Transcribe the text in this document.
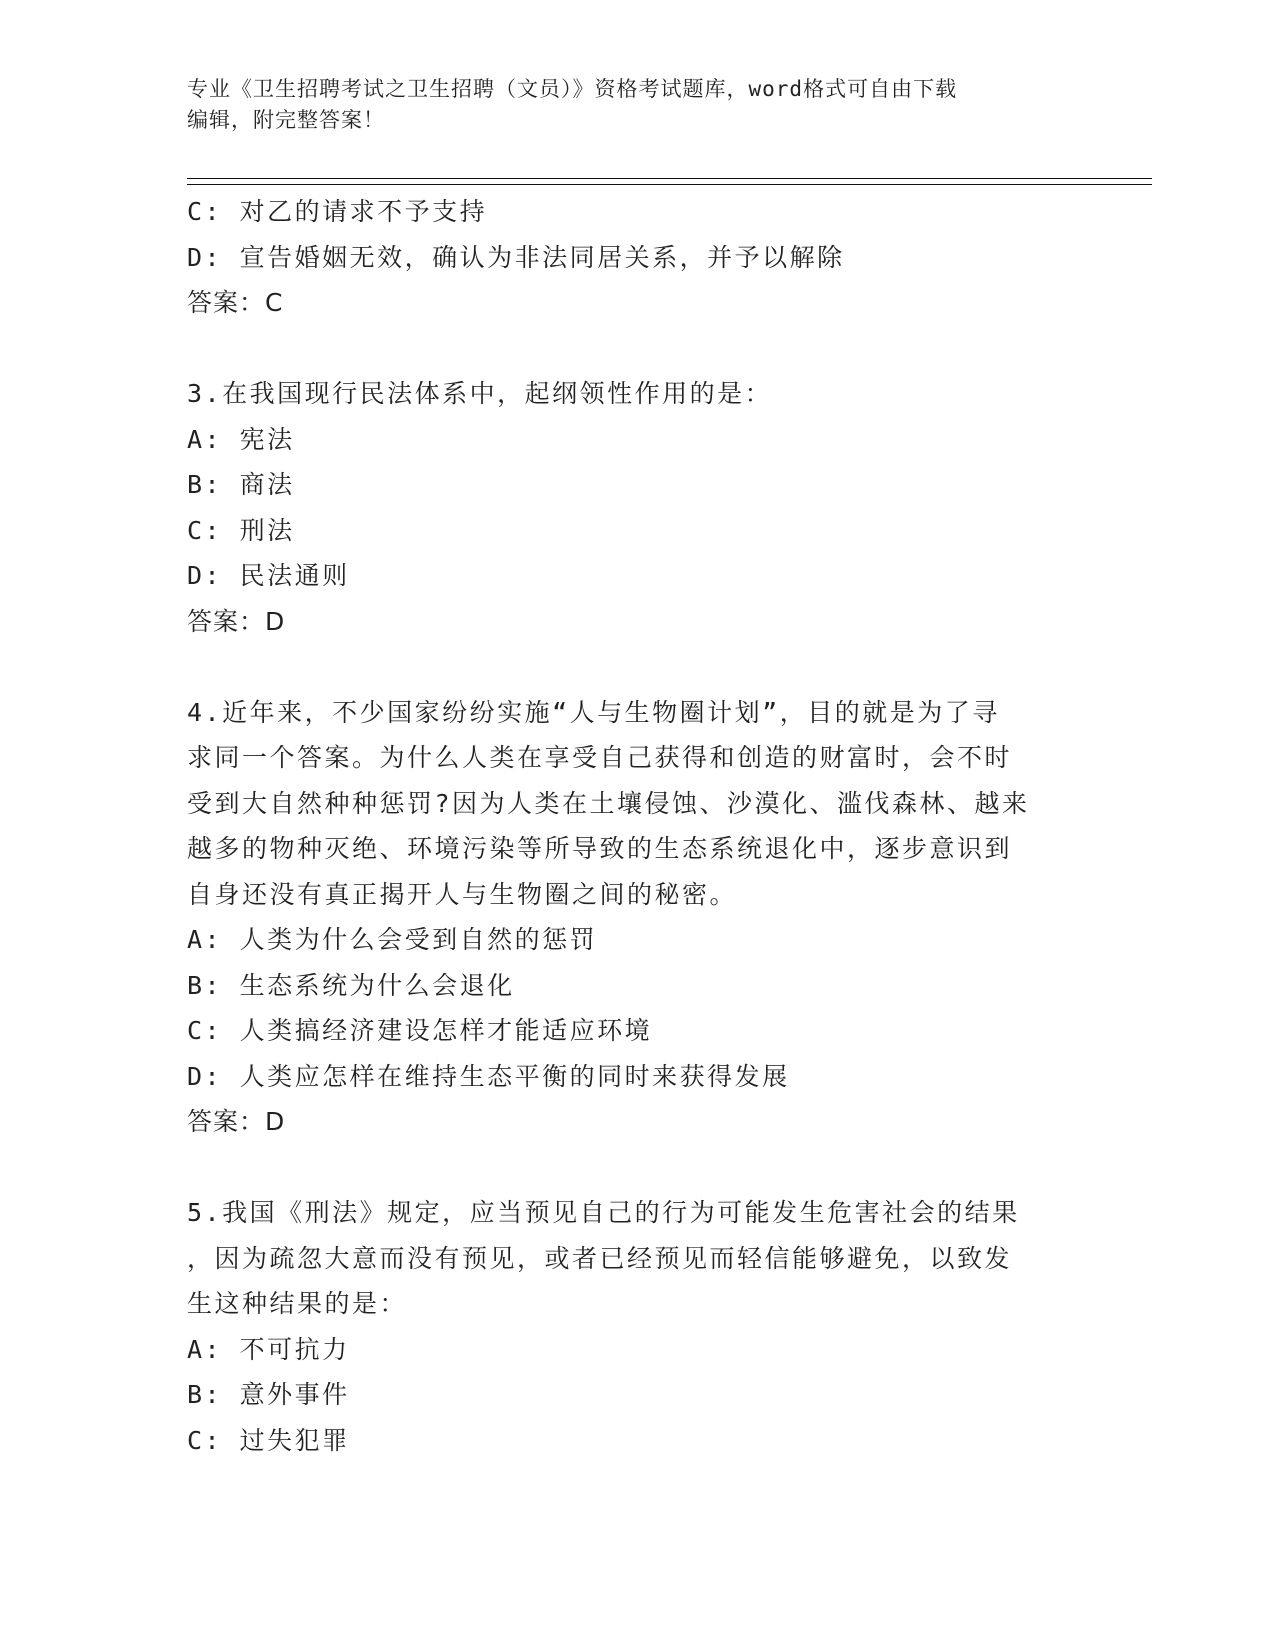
专业《卫生招聘考试之卫生招聘（文员）》资格考试题库，word格式可自由下载
编辑，附完整答案！
C: 对乙的请求不予支持
D: 宣告婚姻无效，确认为非法同居关系，并予以解除
答案：C
3.在我国现行民法体系中，起纲领性作用的是：
A: 宪法
B: 商法
C: 刑法
D: 民法通则
答案：D
4.近年来，不少国家纷纷实施“人与生物圈计划”，目的就是为了寻
求同一个答案。为什么人类在享受自己获得和创造的财富时，会不时
受到大自然种种惩罚?因为人类在土壤侵蚀、沙漠化、滥伐森林、越来
越多的物种灭绝、环境污染等所导致的生态系统退化中，逐步意识到
自身还没有真正揭开人与生物圈之间的秘密。
A: 人类为什么会受到自然的惩罚
B: 生态系统为什么会退化
C: 人类搞经济建设怎样才能适应环境
D: 人类应怎样在维持生态平衡的同时来获得发展
答案：D
5.我国《刑法》规定，应当预见自己的行为可能发生危害社会的结果
，因为疏忽大意而没有预见，或者已经预见而轻信能够避免，以致发
生这种结果的是：
A: 不可抗力
B: 意外事件
C: 过失犯罪
